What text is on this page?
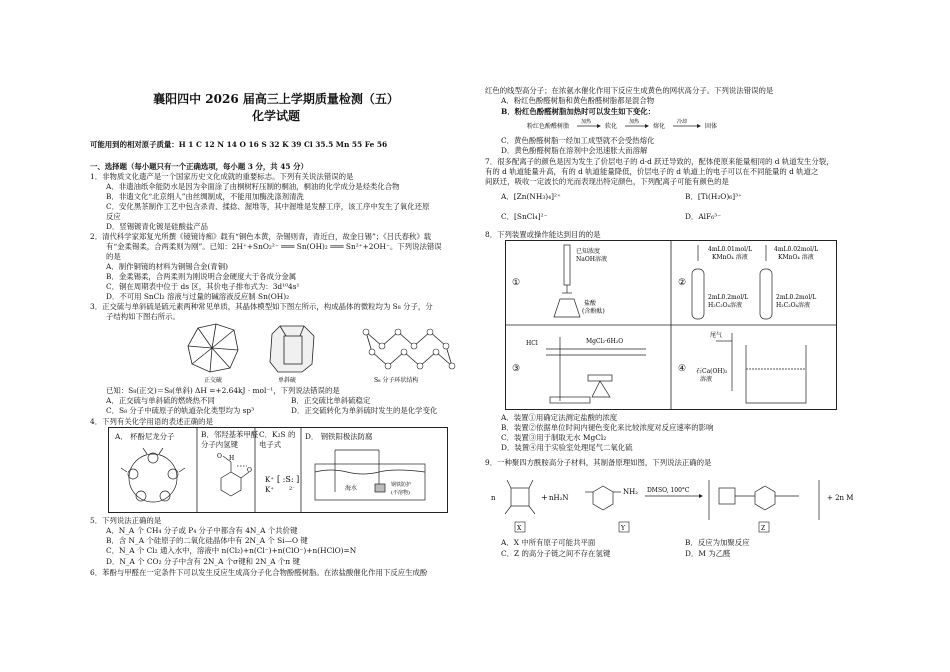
襄阳四中 2026 届高三上学期质量检测（五）
化学试题
可能用到的相对原子质量：H 1 C 12 N 14 O 16 S 32 K 39 Cl 35.5 Mn 55 Fe 56
一、选择题（每小题只有一个正确选项，每小题 3 分，共 45 分）
1．非物质文化遗产是一个国家历史文化成就的重要标志。下列有关说法错误的是
A．非遗油纸伞能防水是因为伞面涂了由桐树籽压制的桐油，桐油的化学成分是烃类化合物
B．非遗文化“北京绢人”由丝绸制成，不能用加酶洗涤剂清洗
C．安化黑茶制作工艺中包含杀青、揉捻、渥堆等，其中渥堆是发酵工序，该工序中发生了氧化还原
反应
D．竖锡镀青化镀是硅酸盐产品
2．清代科学家郑复光所撰《镜镜诗痴》载有“铜色本黄，杂锡则青，青近白，故金日锡”；《吕氏春秋》载
有“金柔锡柔，合两柔则为刚”。已知：2H⁺+Sn​O₂²⁻ ═══ Sn(OH)₂ ═══ Sn²⁺+2OH⁻。下列说法错误
的是
A．制作铜镜的材料为铜锡合金(青铜)
B．金柔锡柔，合两柔则为刚说明合金硬度大于各成分金属
C．铜在周期表中位于 ds 区，其价电子排布式为：3d¹⁰4s¹
D．不可用 SnCl₂ 溶液与过量的碱溶液反应制 Sn(OH)₂
3．正交硫与单斜硫是硫元素两种常见单质，其晶体模型如下图左所示，构成晶体的微粒均为 S₈ 分子，分
子结构如下图右所示。
正交硫	单斜硫	S₈ 分子环状结构
已知：S₈(正交)＝S₈(单斜) ΔH =+2.64kJ · mol⁻¹，下列说法错误的是
A．正交硫与单斜硫的燃烧热不同	B．正交硫比单斜硫稳定
C．S₈ 分子中硫原子的轨道杂化类型均为 sp³	D．正交硫转化为单斜硫时发生的是化学变化
4．下列有关化学用语的表述正确的是
A． 杯酚尼龙分子	B．邻羟基苯甲醛
分子内氢键
C．K₂S 的
电子式
D． 钢铁阳极法防腐
O H
O
K⁺ [ :S: ]
2⁻
K⁺	海水	钢铁防护
(不溶物)
5．下列说法正确的是
A．N_A 个 CH₄ 分子或 P₄ 分子中都含有 4N_A 个共价键
B．含 N_A 个硅原子的二氧化硅晶体中有 2N_A 个 Si—O 键
C．N_A 个 Cl₂ 通入水中，溶液中 n(Cl₂)+n(Cl⁻)+n(ClO⁻)+n(HClO)=N
D．N_A 个 CO₂ 分子中含有 2N_A 个σ键和 2N_A 个π 键
6．苯酚与甲醛在一定条件下可以发生反应生成高分子化合物酚醛树脂。在浓盐酸催化作用下反应生成酚
红色的线型高分子；在浓氨水催化作用下反应生成黄色的网状高分子。下列说法错误的是
A．粉红色酚醛树脂和黄色酚醛树脂都是混合物
B．粉红色酚醛树脂加热时可以发生如下变化：
粉红色酚醛树脂
加热
软化
加热
熔化
冷却
固体
C．黄色酚醛树脂一经加工成型就不会受热熔化
D．黄色酚醛树脂在溶剂中会迅速胀大而溶解
7．很多配离子的颜色是因为发生了价层电子的 d-d 跃迁导致的，配体使原来能量相同的 d 轨道发生分裂，
有的 d 轨道能量升高，有的 d 轨道能量降低，价层电子的 d 轨道上的电子可以在不同能量的 d 轨道之
间跃迁，吸收一定波长的光而表现出特定颜色，下列配离子可能有颜色的是
A．[Zn(NH₃)₄]²⁺	B．[Ti(H₂O)₆]³⁺
C．[SnCl₄]²⁻	D．AlF₆³⁻
8．下列装置或操作能达到目的的是
①
已知浓度
NaOH溶液
盐酸
(含酚酞)
②
4mL0.01mol/L
KMnO₄ 溶液
4mL0.02mol/L
KMnO₄ 溶液
2mL0.2mol/L
H₂C₂O₄溶液
2mL0.2mol/L
H₂C₂O₄溶液
③
HCl	MgCl₂·6H₂O
④
尾气
石Ca(OH)₂
溶液
A．装置①用确定法测定盐酸的浓度
B．装置②依据单位时间内褪色变化来比较浓度对反应速率的影响
C．装置③用于制取无水 MgCl₂
D．装置④用于实验室处理尾气二氧化硫
9．一种聚四方酰胺高分子材料，其制备原理如图，下列说法正确的是
n	+ nH₂N
NH₂ DMSO, 100°C
+ 2n M
X	Y	Z
A．X 中所有原子可能共平面	B．反应为加聚反应
C．Z 的高分子链之间不存在氢键	D．M 为乙醛
